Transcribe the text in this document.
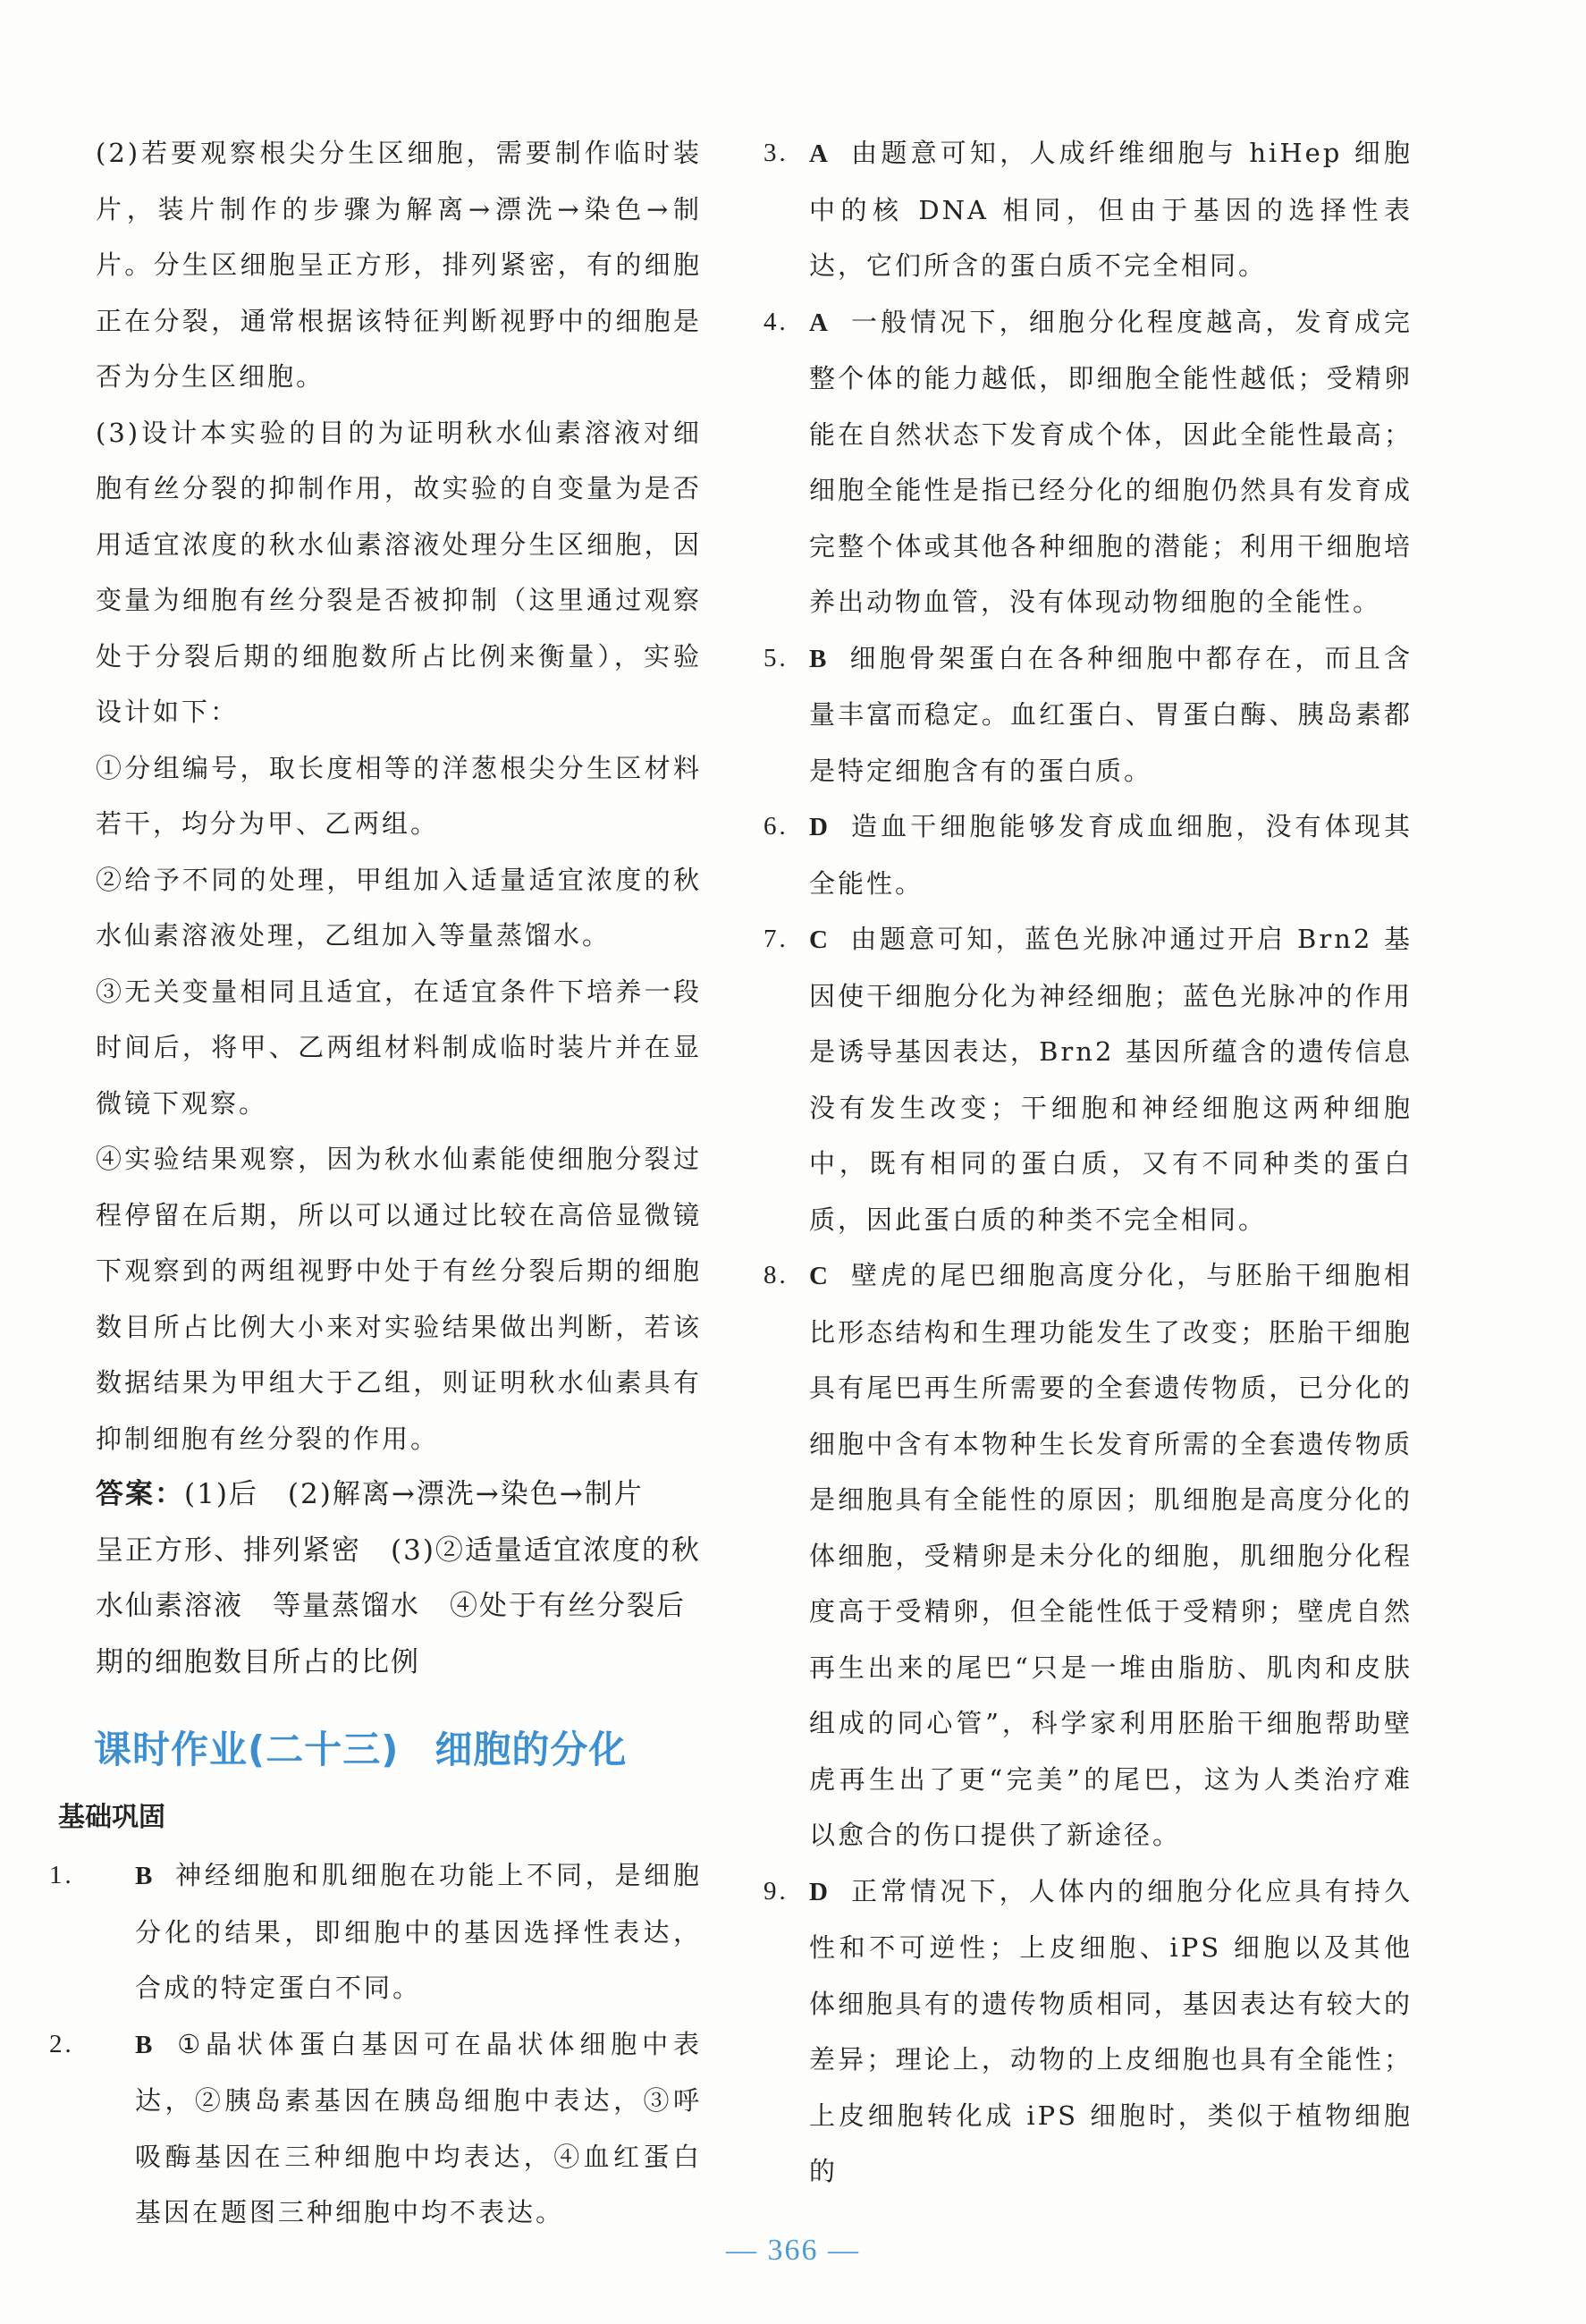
(2)若要观察根尖分生区细胞，需要制作临时装片，装片制作的步骤为解离→漂洗→染色→制片。分生区细胞呈正方形，排列紧密，有的细胞正在分裂，通常根据该特征判断视野中的细胞是否为分生区细胞。

(3)设计本实验的目的为证明秋水仙素溶液对细胞有丝分裂的抑制作用，故实验的自变量为是否用适宜浓度的秋水仙素溶液处理分生区细胞，因变量为细胞有丝分裂是否被抑制（这里通过观察处于分裂后期的细胞数所占比例来衡量），实验设计如下：

①分组编号，取长度相等的洋葱根尖分生区材料若干，均分为甲、乙两组。

②给予不同的处理，甲组加入适量适宜浓度的秋水仙素溶液处理，乙组加入等量蒸馏水。

③无关变量相同且适宜，在适宜条件下培养一段时间后，将甲、乙两组材料制成临时装片并在显微镜下观察。

④实验结果观察，因为秋水仙素能使细胞分裂过程停留在后期，所以可以通过比较在高倍显微镜下观察到的两组视野中处于有丝分裂后期的细胞数目所占比例大小来对实验结果做出判断，若该数据结果为甲组大于乙组，则证明秋水仙素具有抑制细胞有丝分裂的作用。

答案：(1)后　(2)解离→漂洗→染色→制片　呈正方形、排列紧密　(3)②适量适宜浓度的秋水仙素溶液　等量蒸馏水　④处于有丝分裂后期的细胞数目所占的比例

课时作业(二十三) 细胞的分化
基础巩固

1. B 神经细胞和肌细胞在功能上不同，是细胞分化的结果，即细胞中的基因选择性表达，合成的特定蛋白不同。

2. B ①晶状体蛋白基因可在晶状体细胞中表达，②胰岛素基因在胰岛细胞中表达，③呼吸酶基因在三种细胞中均表达，④血红蛋白基因在题图三种细胞中均不表达。

3. A 由题意可知，人成纤维细胞与 hiHep 细胞中的核 DNA 相同，但由于基因的选择性表达，它们所含的蛋白质不完全相同。

4. A 一般情况下，细胞分化程度越高，发育成完整个体的能力越低，即细胞全能性越低；受精卵能在自然状态下发育成个体，因此全能性最高；细胞全能性是指已经分化的细胞仍然具有发育成完整个体或其他各种细胞的潜能；利用干细胞培养出动物血管，没有体现动物细胞的全能性。

5. B 细胞骨架蛋白在各种细胞中都存在，而且含量丰富而稳定。血红蛋白、胃蛋白酶、胰岛素都是特定细胞含有的蛋白质。

6. D 造血干细胞能够发育成血细胞，没有体现其全能性。

7. C 由题意可知，蓝色光脉冲通过开启 Brn2 基因使干细胞分化为神经细胞；蓝色光脉冲的作用是诱导基因表达，Brn2 基因所蕴含的遗传信息没有发生改变；干细胞和神经细胞这两种细胞中，既有相同的蛋白质，又有不同种类的蛋白质，因此蛋白质的种类不完全相同。

8. C 壁虎的尾巴细胞高度分化，与胚胎干细胞相比形态结构和生理功能发生了改变；胚胎干细胞具有尾巴再生所需要的全套遗传物质，已分化的细胞中含有本物种生长发育所需的全套遗传物质是细胞具有全能性的原因；肌细胞是高度分化的体细胞，受精卵是未分化的细胞，肌细胞分化程度高于受精卵，但全能性低于受精卵；壁虎自然再生出来的尾巴“只是一堆由脂肪、肌肉和皮肤组成的同心管”，科学家利用胚胎干细胞帮助壁虎再生出了更“完美”的尾巴，这为人类治疗难以愈合的伤口提供了新途径。

9. D 正常情况下，人体内的细胞分化应具有持久性和不可逆性；上皮细胞、iPS 细胞以及其他体细胞具有的遗传物质相同，基因表达有较大的差异；理论上，动物的上皮细胞也具有全能性；上皮细胞转化成 iPS 细胞时，类似于植物细胞的

— 366 —
